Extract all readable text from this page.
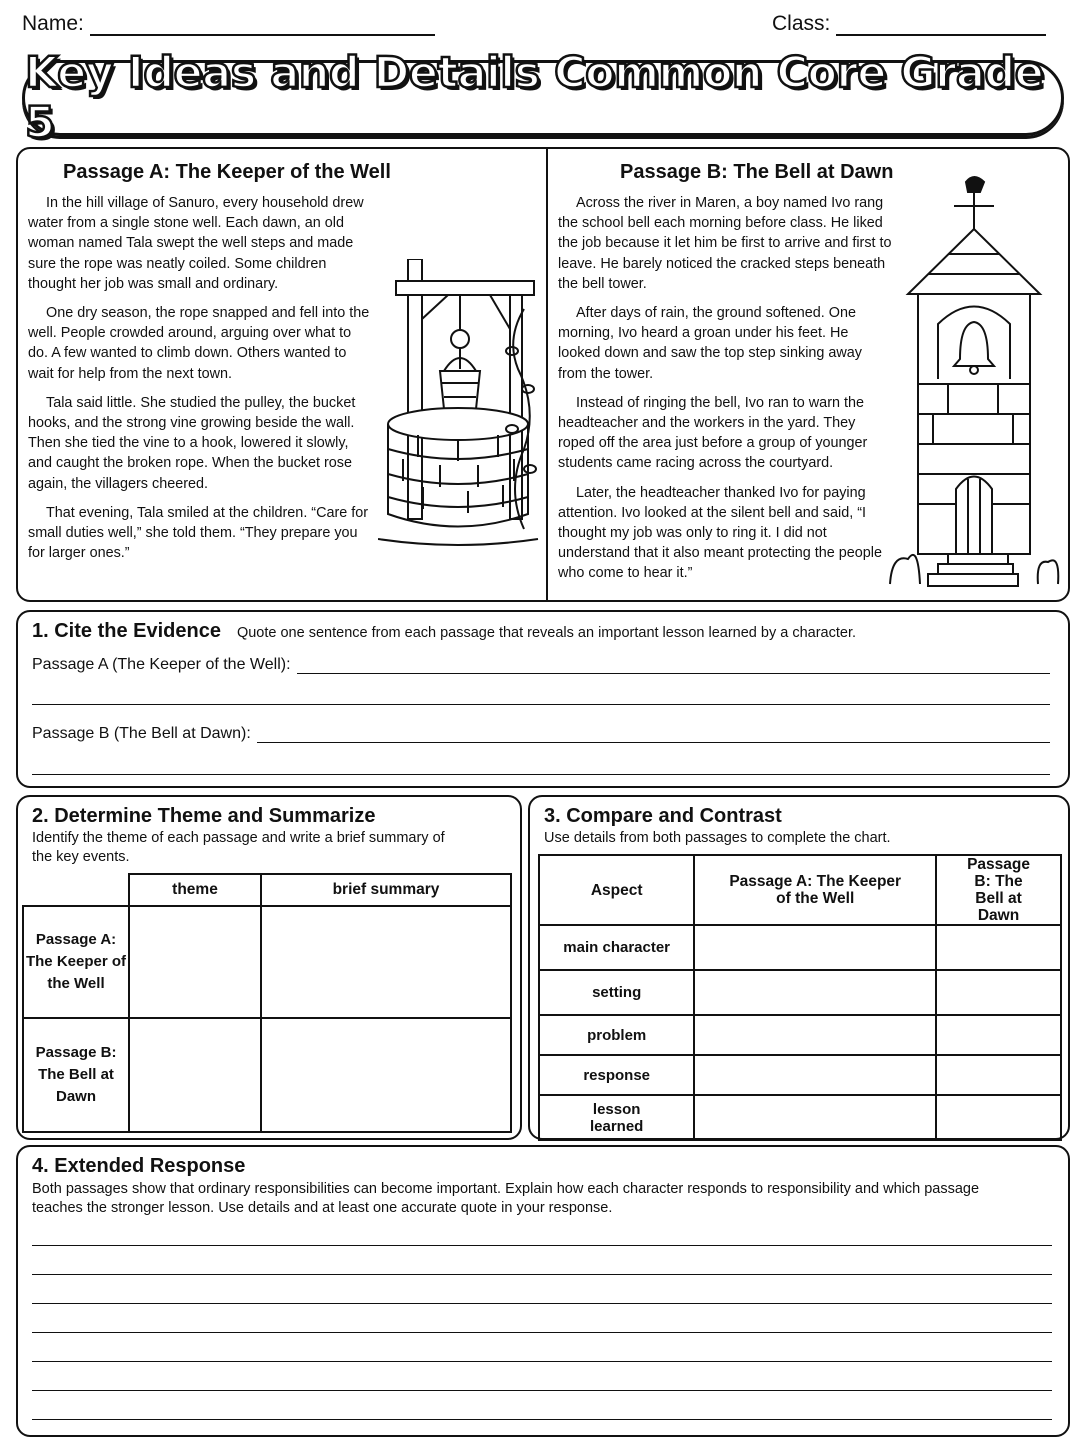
Name:	Class:
Key Ideas and Details Common Core Grade 5
Passage A: The Keeper of the Well

In the hill village of Sanuro, every household drew water from a single stone well. Each dawn, an old woman named Tala swept the well steps and made sure the rope was neatly coiled. Some children thought her job was small and ordinary.

One dry season, the rope snapped and fell into the well. People crowded around, arguing over what to do. A few wanted to climb down. Others wanted to wait for help from the next town.

Tala said little. She studied the pulley, the bucket hooks, and the strong vine growing beside the wall. Then she tied the vine to a hook, lowered it slowly, and caught the broken rope. When the bucket rose again, the villagers cheered.

That evening, Tala smiled at the children. “Care for small duties well,” she told them. “They prepare you for larger ones.”

Passage B: The Bell at Dawn

Across the river in Maren, a boy named Ivo rang the school bell each morning before class. He liked the job because it let him be first to arrive and first to leave. He barely noticed the cracked steps beneath the bell tower.

After days of rain, the ground softened. One morning, Ivo heard a groan under his feet. He looked down and saw the top step sinking away from the tower.

Instead of ringing the bell, Ivo ran to warn the headteacher and the workers in the yard. They roped off the area just before a group of younger students came racing across the courtyard.

Later, the headteacher thanked Ivo for paying attention. Ivo looked at the silent bell and said, “I thought my job was only to ring it. I did not understand that it also meant protecting the people who come to hear it.”

1. Cite the Evidence Quote one sentence from each passage that reveals an important lesson learned by a character.
Passage A (The Keeper of the Well):
Passage B (The Bell at Dawn):
2. Determine Theme and Summarize
Identify the theme of each passage and write a brief summary of the key events.
	theme	brief summary
Passage A: The Keeper of the Well		
Passage B: The Bell at Dawn		
3. Compare and Contrast
Use details from both passages to complete the chart.
Aspect	Passage A: The Keeper of the Well	Passage B: The Bell at Dawn
main character		
setting		
problem		
response		
lesson learned		
4. Extended Response
Both passages show that ordinary responsibilities can become important. Explain how each character responds to responsibility and which passage teaches the stronger lesson. Use details and at least one accurate quote in your response.
